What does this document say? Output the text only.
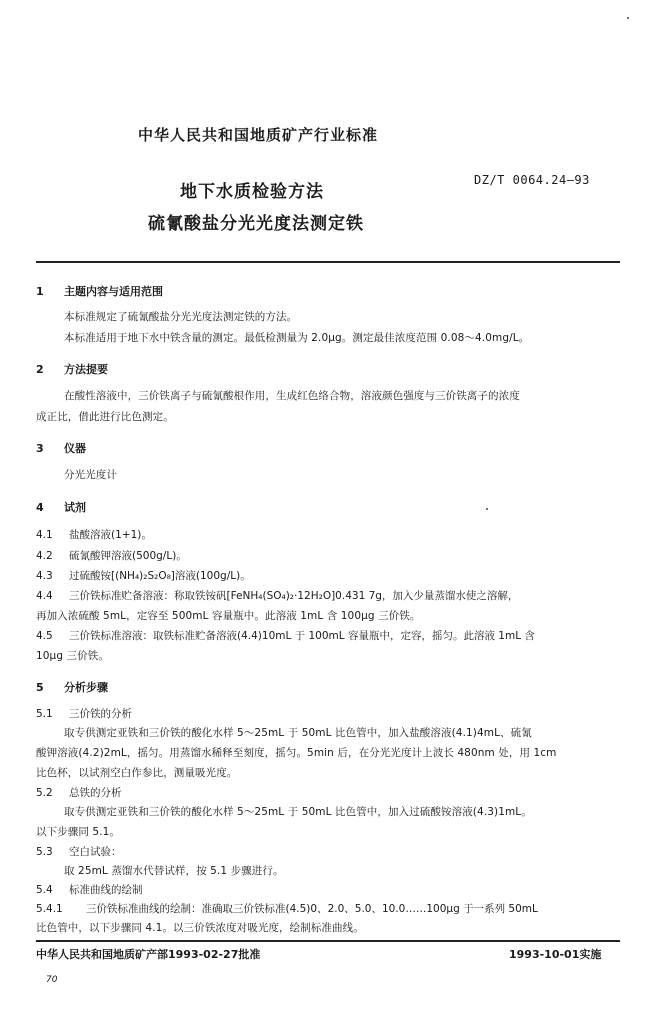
中华人民共和国地质矿产行业标准
DZ/T 0064.24—93
地下水质检验方法
硫氰酸盐分光光度法测定铁
1 主题内容与适用范围
本标准规定了硫氰酸盐分光光度法测定铁的方法。
本标准适用于地下水中铁含量的测定。最低检测量为 2.0μg。测定最佳浓度范围 0.08～4.0mg/L。
2 方法提要
在酸性溶液中，三价铁离子与硫氰酸根作用，生成红色络合物，溶液颜色强度与三价铁离子的浓度
成正比，借此进行比色测定。
3 仪器
分光光度计
4 试剂
4.1 盐酸溶液(1+1)。
4.2 硫氰酸钾溶液(500g/L)。
4.3 过硫酸铵[(NH₄)₂S₂O₈]溶液(100g/L)。
4.4 三价铁标准贮备溶液：称取铁铵矾[FeNH₄(SO₄)₂·12H₂O]0.431 7g，加入少量蒸馏水使之溶解，
再加入浓硫酸 5mL，定容至 500mL 容量瓶中。此溶液 1mL 含 100μg 三价铁。
4.5 三价铁标准溶液：取铁标准贮备溶液(4.4)10mL 于 100mL 容量瓶中，定容，摇匀。此溶液 1mL 含
10μg 三价铁。
5 分析步骤
5.1 三价铁的分析
取专供测定亚铁和三价铁的酸化水样 5～25mL 于 50mL 比色管中，加入盐酸溶液(4.1)4mL、硫氰
酸钾溶液(4.2)2mL，摇匀。用蒸馏水稀释至刻度，摇匀。5min 后，在分光光度计上波长 480nm 处，用 1cm
比色杯，以试剂空白作参比，测量吸光度。
5.2 总铁的分析
取专供测定亚铁和三价铁的酸化水样 5～25mL 于 50mL 比色管中，加入过硫酸铵溶液(4.3)1mL。
以下步骤同 5.1。
5.3 空白试验：
取 25mL 蒸馏水代替试样，按 5.1 步骤进行。
5.4 标准曲线的绘制
5.4.1 三价铁标准曲线的绘制：准确取三价铁标准(4.5)0、2.0、5.0、10.0……100μg 于一系列 50mL
比色管中，以下步骤同 4.1。以三价铁浓度对吸光度，绘制标准曲线。
中华人民共和国地质矿产部1993-02-27批准	1993-10-01实施
70
